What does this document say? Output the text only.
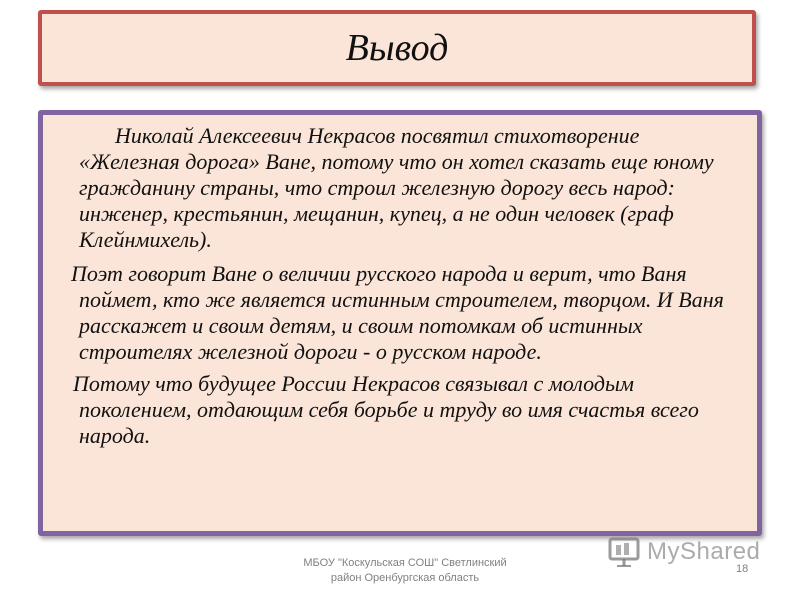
Вывод

Николай Алексеевич Некрасов посвятил стихотворение «Железная дорога» Ване, потому что он хотел сказать еще юному гражданину страны, что строил железную дорогу весь народ: инженер, крестьянин, мещанин, купец, а не один человек (граф Клейнмихель).

Поэт говорит Ване о величии русского народа и верит, что Ваня поймет, кто же является истинным строителем, творцом. И Ваня расскажет и своим детям, и своим потомкам об истинных строителях железной дороги - о русском народе.

Потому что будущее России Некрасов связывал с молодым поколением, отдающим себя борьбе и труду во имя счастья всего народа.

МБОУ "Коскульская СОШ" Светлинский
район Оренбургская область
18
MyShared
